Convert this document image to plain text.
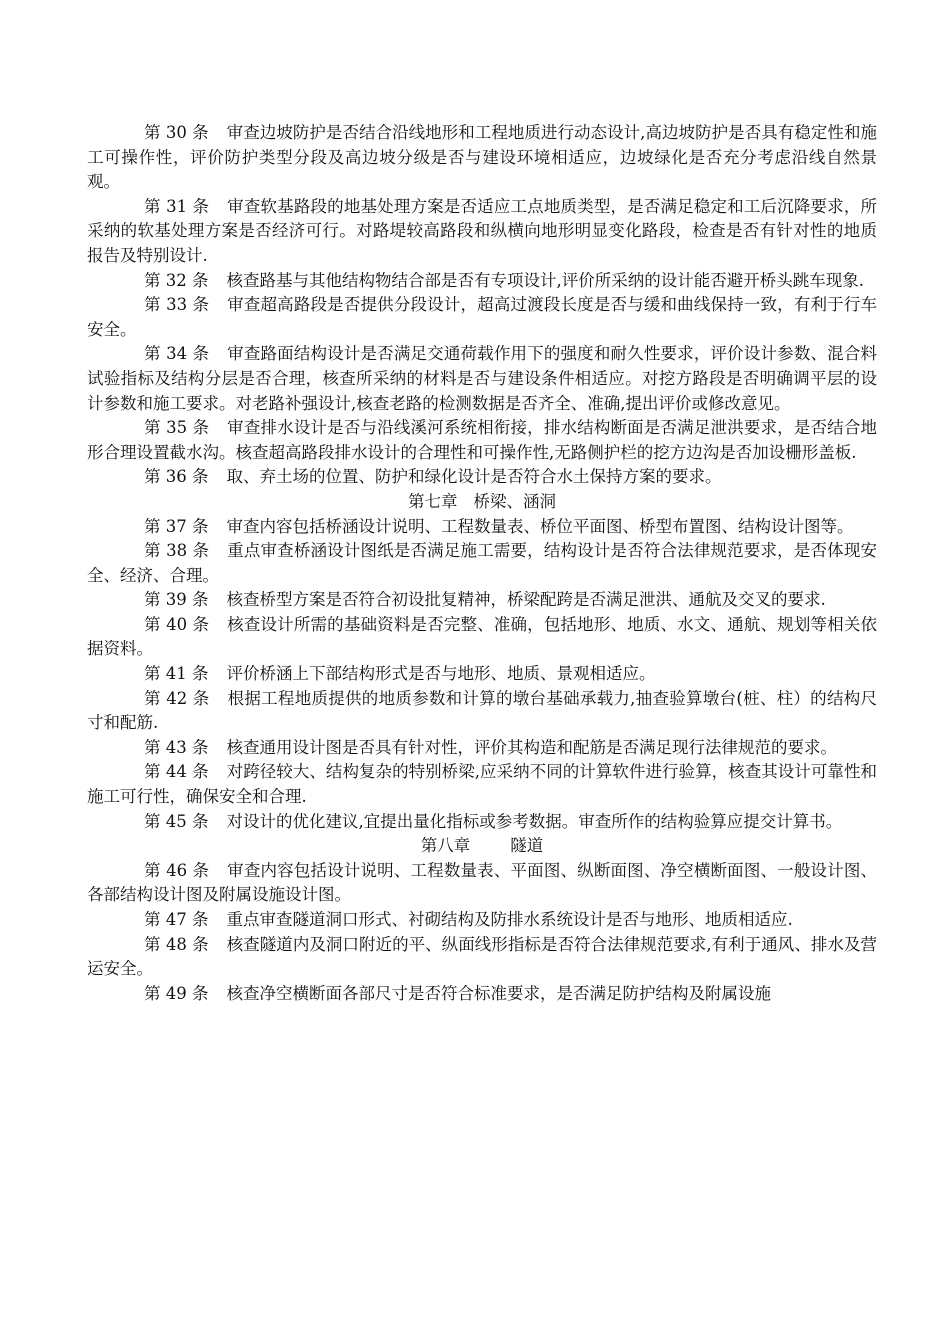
第 30 条 审查边坡防护是否结合沿线地形和工程地质进行动态设计,高边坡防护是否具有稳定性和施工可操作性，评价防护类型分段及高边坡分级是否与建设环境相适应，边坡绿化是否充分考虑沿线自然景观。

第 31 条 审查软基路段的地基处理方案是否适应工点地质类型，是否满足稳定和工后沉降要求，所采纳的软基处理方案是否经济可行。对路堤较高路段和纵横向地形明显变化路段，检查是否有针对性的地质报告及特别设计.

第 32 条 核查路基与其他结构物结合部是否有专项设计,评价所采纳的设计能否避开桥头跳车现象.

第 33 条 审查超高路段是否提供分段设计，超高过渡段长度是否与缓和曲线保持一致，有利于行车安全。

第 34 条 审查路面结构设计是否满足交通荷载作用下的强度和耐久性要求，评价设计参数、混合料试验指标及结构分层是否合理，核查所采纳的材料是否与建设条件相适应。对挖方路段是否明确调平层的设计参数和施工要求。对老路补强设计,核查老路的检测数据是否齐全、准确,提出评价或修改意见。

第 35 条 审查排水设计是否与沿线溪河系统相衔接，排水结构断面是否满足泄洪要求，是否结合地形合理设置截水沟。核查超高路段排水设计的合理性和可操作性,无路侧护栏的挖方边沟是否加设栅形盖板.

第 36 条 取、弃土场的位置、防护和绿化设计是否符合水土保持方案的要求。

第七章 桥梁、涵洞

第 37 条 审查内容包括桥涵设计说明、工程数量表、桥位平面图、桥型布置图、结构设计图等。

第 38 条 重点审查桥涵设计图纸是否满足施工需要，结构设计是否符合法律规范要求，是否体现安全、经济、合理。

第 39 条 核查桥型方案是否符合初设批复精神，桥梁配跨是否满足泄洪、通航及交叉的要求.

第 40 条 核查设计所需的基础资料是否完整、准确，包括地形、地质、水文、通航、规划等相关依据资料。

第 41 条 评价桥涵上下部结构形式是否与地形、地质、景观相适应。

第 42 条 根据工程地质提供的地质参数和计算的墩台基础承载力,抽查验算墩台(桩、柱）的结构尺寸和配筋.

第 43 条 核查通用设计图是否具有针对性，评价其构造和配筋是否满足现行法律规范的要求。

第 44 条 对跨径较大、结构复杂的特别桥梁,应采纳不同的计算软件进行验算，核查其设计可靠性和施工可行性，确保安全和合理.

第 45 条 对设计的优化建议,宜提出量化指标或参考数据。审查所作的结构验算应提交计算书。

第八章 隧道

第 46 条 审查内容包括设计说明、工程数量表、平面图、纵断面图、净空横断面图、一般设计图、各部结构设计图及附属设施设计图。

第 47 条 重点审查隧道洞口形式、衬砌结构及防排水系统设计是否与地形、地质相适应.

第 48 条 核查隧道内及洞口附近的平、纵面线形指标是否符合法律规范要求,有利于通风、排水及营运安全。

第 49 条 核查净空横断面各部尺寸是否符合标准要求，是否满足防护结构及附属设施
